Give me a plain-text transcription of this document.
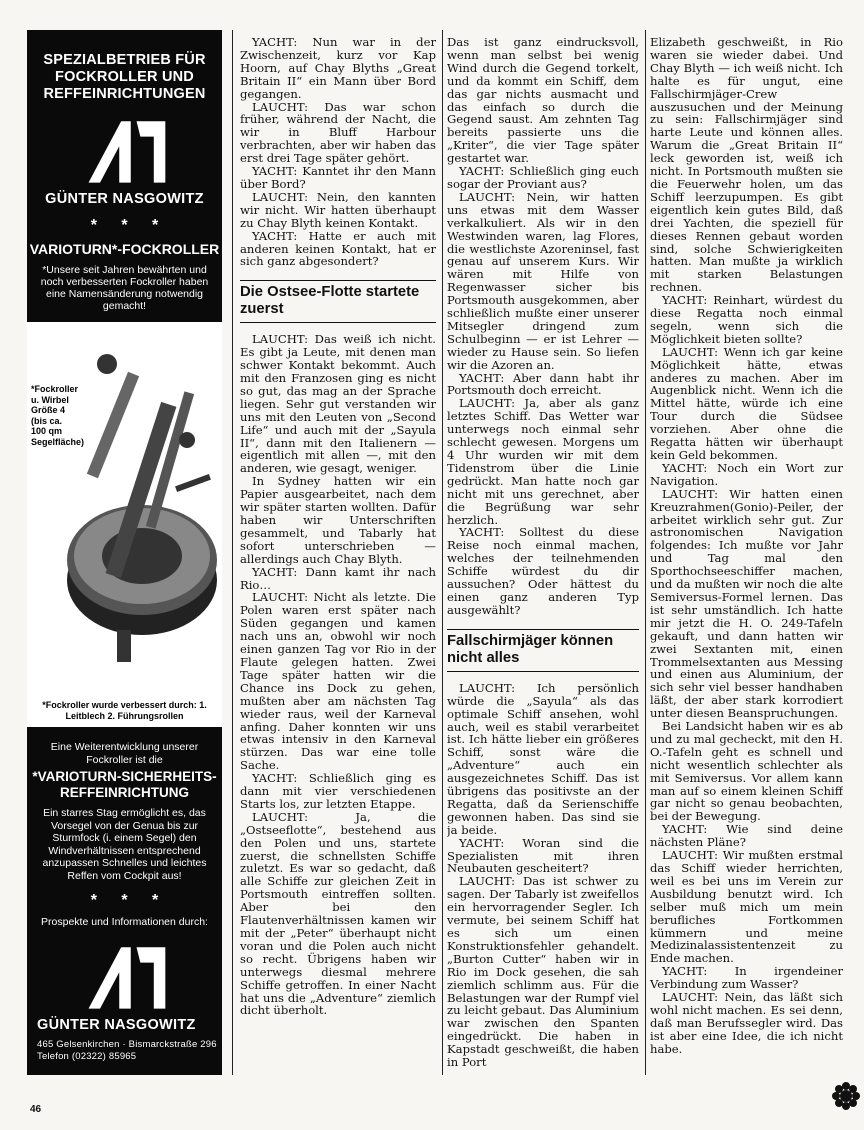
SPEZIALBETRIEB FÜR FOCKROLLER UND REFFEINRICHTUNGEN
GÜNTER NASGOWITZ
* * *
VARIOTURN*-FOCKROLLER
*Unsere seit Jahren bewährten und noch verbesserten Fockroller haben eine Namensänderung notwendig gemacht!
*Fockroller u. Wirbel Größe 4 (bis ca. 100 qm Segelfläche)
*Fockroller wurde verbessert durch: 1. Leitblech 2. Führungsrollen
Eine Weiterentwicklung unserer Fockroller ist die
*VARIOTURN-SICHERHEITS-REFFEINRICHTUNG
Ein starres Stag ermöglicht es, das Vorsegel von der Genua bis zur Sturmfock (i. einem Segel) den Windverhältnissen entsprechend anzupassen Schnelles und leichtes Reffen vom Cockpit aus!
* * *
Prospekte und Informationen durch:
GÜNTER NASGOWITZ
465 Gelsenkirchen · Bismarckstraße 296
Telefon (02322) 85965
46

YACHT: Nun war in der Zwischenzeit, kurz vor Kap Hoorn, auf Chay Blyths „Great Britain II“ ein Mann über Bord gegangen.

LAUCHT: Das war schon früher, während der Nacht, die wir in Bluff Harbour verbrachten, aber wir haben das erst drei Tage später gehört.

YACHT: Kanntet ihr den Mann über Bord?

LAUCHT: Nein, den kannten wir nicht. Wir hatten überhaupt zu Chay Blyth keinen Kontakt.

YACHT: Hatte er auch mit anderen keinen Kontakt, hat er sich ganz abgesondert?

Die Ostsee-Flotte startete zuerst

LAUCHT: Das weiß ich nicht. Es gibt ja Leute, mit denen man schwer Kontakt bekommt. Auch mit den Franzosen ging es nicht so gut, das mag an der Sprache liegen. Sehr gut verstanden wir uns mit den Leuten von „Second Life“ und auch mit der „Sayula II“, dann mit den Italienern — eigentlich mit allen —, mit den anderen, wie gesagt, weniger.

In Sydney hatten wir ein Papier ausgearbeitet, nach dem wir später starten wollten. Dafür haben wir Unterschriften gesammelt, und Tabarly hat sofort unterschrieben — allerdings auch Chay Blyth.

YACHT: Dann kamt ihr nach Rio…

LAUCHT: Nicht als letzte. Die Polen waren erst später nach Süden gegangen und kamen nach uns an, obwohl wir noch einen ganzen Tag vor Rio in der Flaute gelegen hatten. Zwei Tage später hatten wir die Chance ins Dock zu gehen, mußten aber am nächsten Tag wieder raus, weil der Karneval anfing. Daher konnten wir uns etwas intensiv in den Karneval stürzen. Das war eine tolle Sache.

YACHT: Schließlich ging es dann mit vier verschiedenen Starts los, zur letzten Etappe.

LAUCHT: Ja, die „Ostseeflotte“, bestehend aus den Polen und uns, startete zuerst, die schnellsten Schiffe zuletzt. Es war so gedacht, daß alle Schiffe zur gleichen Zeit in Portsmouth eintreffen sollten. Aber bei den Flautenverhältnissen kamen wir mit der „Peter“ überhaupt nicht voran und die Polen auch nicht so recht. Übrigens haben wir unterwegs diesmal mehrere Schiffe getroffen. In einer Nacht hat uns die „Adventure“ ziemlich dicht überholt.

Das ist ganz eindrucksvoll, wenn man selbst bei wenig Wind durch die Gegend torkelt, und da kommt ein Schiff, dem das gar nichts ausmacht und das einfach so durch die Gegend saust. Am zehnten Tag bereits passierte uns die „Kriter“, die vier Tage später gestartet war.

YACHT: Schließlich ging euch sogar der Proviant aus?

LAUCHT: Nein, wir hatten uns etwas mit dem Wasser verkalkuliert. Als wir in den Westwinden waren, lag Flores, die westlichste Azoreninsel, fast genau auf unserem Kurs. Wir wären mit Hilfe von Regenwasser sicher bis Portsmouth ausgekommen, aber schließlich mußte einer unserer Mitsegler dringend zum Schulbeginn — er ist Lehrer — wieder zu Hause sein. So liefen wir die Azoren an.

YACHT: Aber dann habt ihr Portsmouth doch erreicht.

LAUCHT: Ja, aber als ganz letztes Schiff. Das Wetter war unterwegs noch einmal sehr schlecht gewesen. Morgens um 4 Uhr wurden wir mit dem Tidenstrom über die Linie gedrückt. Man hatte noch gar nicht mit uns gerechnet, aber die Begrüßung war sehr herzlich.

YACHT: Solltest du diese Reise noch einmal machen, welches der teilnehmenden Schiffe würdest du dir aussuchen? Oder hättest du einen ganz anderen Typ ausgewählt?

Fallschirmjäger können nicht alles

LAUCHT: Ich persönlich würde die „Sayula“ als das optimale Schiff ansehen, wohl auch, weil es stabil verarbeitet ist. Ich hätte lieber ein größeres Schiff, sonst wäre die „Adventure“ auch ein ausgezeichnetes Schiff. Das ist übrigens das positivste an der Regatta, daß da Serienschiffe gewonnen haben. Das sind sie ja beide.

YACHT: Woran sind die Spezialisten mit ihren Neubauten gescheitert?

LAUCHT: Das ist schwer zu sagen. Der Tabarly ist zweifellos ein hervorragender Segler. Ich vermute, bei seinem Schiff hat es sich um einen Konstruktionsfehler gehandelt. „Burton Cutter“ haben wir in Rio im Dock gesehen, die sah ziemlich schlimm aus. Für die Belastungen war der Rumpf viel zu leicht gebaut. Das Aluminium war zwischen den Spanten eingedrückt. Die haben in Kapstadt geschweißt, die haben in Port

Elizabeth geschweißt, in Rio waren sie wieder dabei. Und Chay Blyth — ich weiß nicht. Ich halte es für ungut, eine Fallschirmjäger-Crew auszusuchen und der Meinung zu sein: Fallschirmjäger sind harte Leute und können alles. Warum die „Great Britain II“ leck geworden ist, weiß ich nicht. In Portsmouth mußten sie die Feuerwehr holen, um das Schiff leerzupumpen. Es gibt eigentlich kein gutes Bild, daß drei Yachten, die speziell für dieses Rennen gebaut worden sind, solche Schwierigkeiten hatten. Man mußte ja wirklich mit starken Belastungen rechnen.

YACHT: Reinhart, würdest du diese Regatta noch einmal segeln, wenn sich die Möglichkeit bieten sollte?

LAUCHT: Wenn ich gar keine Möglichkeit hätte, etwas anderes zu machen. Aber im Augenblick nicht. Wenn ich die Mittel hätte, würde ich eine Tour durch die Südsee vorziehen. Aber ohne die Regatta hätten wir überhaupt kein Geld bekommen.

YACHT: Noch ein Wort zur Navigation.

LAUCHT: Wir hatten einen Kreuzrahmen(Gonio)-Peiler, der arbeitet wirklich sehr gut. Zur astronomischen Navigation folgendes: Ich mußte vor Jahr und Tag mal den Sporthochseeschiffer machen, und da mußten wir noch die alte Semiversus-Formel lernen. Das ist sehr umständlich. Ich hatte mir jetzt die H. O. 249-Tafeln gekauft, und dann hatten wir zwei Sextanten mit, einen Trommelsextanten aus Messing und einen aus Aluminium, der sich sehr viel besser handhaben läßt, der aber stark korrodiert unter diesen Beanspruchungen.

Bei Landsicht haben wir es ab und zu mal gecheckt, mit den H. O.-Tafeln geht es schnell und nicht wesentlich schlechter als mit Semiversus. Vor allem kann man auf so einem kleinen Schiff gar nicht so genau beobachten, bei der Bewegung.

YACHT: Wie sind deine nächsten Pläne?

LAUCHT: Wir mußten erstmal das Schiff wieder herrichten, weil es bei uns im Verein zur Ausbildung benutzt wird. Ich selber muß mich um mein berufliches Fortkommen kümmern und meine Medizinalassistentenzeit zu Ende machen.

YACHT: In irgendeiner Verbindung zum Wasser?

LAUCHT: Nein, das läßt sich wohl nicht machen. Es sei denn, daß man Berufssegler wird. Das ist aber eine Idee, die ich nicht habe.
